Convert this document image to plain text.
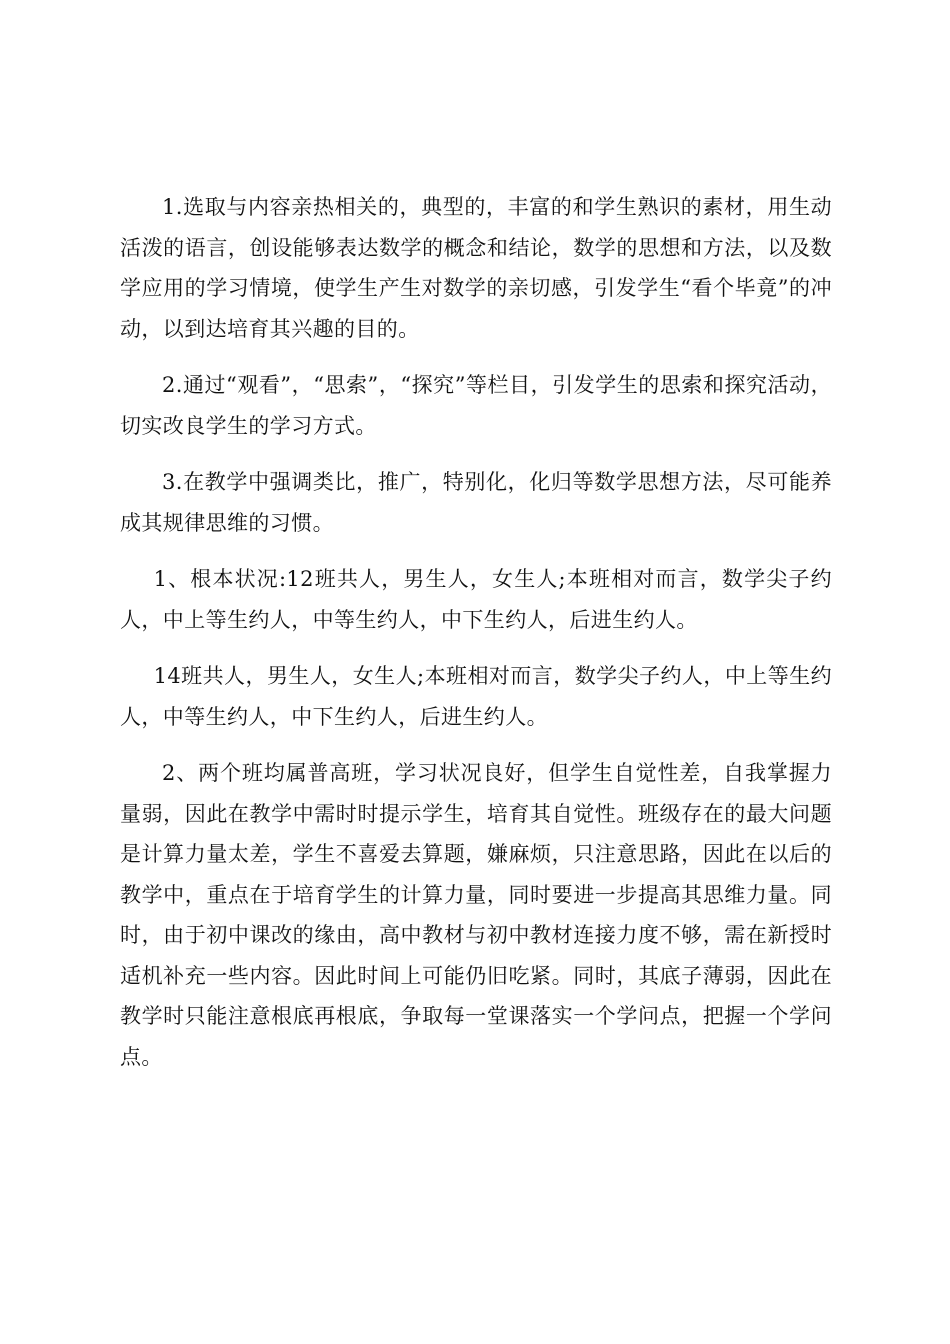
1.选取与内容亲热相关的，典型的，丰富的和学生熟识的素材，用生动活泼的语言，创设能够表达数学的概念和结论，数学的思想和方法，以及数学应用的学习情境，使学生产生对数学的亲切感，引发学生“看个毕竟”的冲动，以到达培育其兴趣的目的。

2.通过“观看”，“思索”，“探究”等栏目，引发学生的思索和探究活动，切实改良学生的学习方式。

3.在教学中强调类比，推广，特别化，化归等数学思想方法，尽可能养成其规律思维的习惯。

1、根本状况:12班共人，男生人，女生人;本班相对而言，数学尖子约人，中上等生约人，中等生约人，中下生约人，后进生约人。

14班共人，男生人，女生人;本班相对而言，数学尖子约人，中上等生约人，中等生约人，中下生约人，后进生约人。

2、两个班均属普高班，学习状况良好，但学生自觉性差，自我掌握力量弱，因此在教学中需时时提示学生，培育其自觉性。班级存在的最大问题是计算力量太差，学生不喜爱去算题，嫌麻烦，只注意思路，因此在以后的教学中，重点在于培育学生的计算力量，同时要进一步提高其思维力量。同时，由于初中课改的缘由，高中教材与初中教材连接力度不够，需在新授时适机补充一些内容。因此时间上可能仍旧吃紧。同时，其底子薄弱，因此在教学时只能注意根底再根底，争取每一堂课落实一个学问点，把握一个学问点。
